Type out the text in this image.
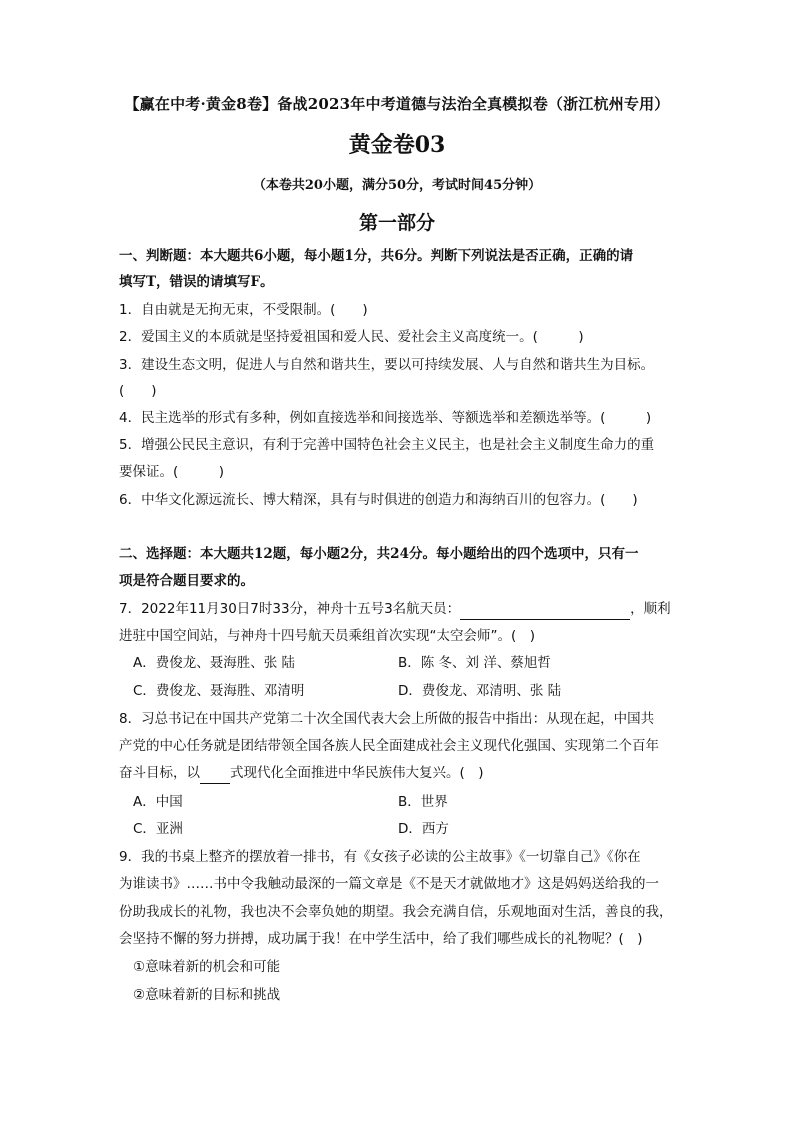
【赢在中考·黄金8卷】备战2023年中考道德与法治全真模拟卷（浙江杭州专用）
黄金卷03
（本卷共20小题，满分50分，考试时间45分钟）
第一部分
一、判断题：本大题共6小题，每小题1分，共6分。判断下列说法是否正确，正确的请
填写T，错误的请填写F。
1．自由就是无拘无束，不受限制。(　　)
2．爱国主义的本质就是坚持爱祖国和爱人民、爱社会主义高度统一。(　　　)
3．建设生态文明，促进人与自然和谐共生，要以可持续发展、人与自然和谐共生为目标。
(　　)
4．民主选举的形式有多种，例如直接选举和间接选举、等额选举和差额选举等。(　　　)
5．增强公民民主意识，有利于完善中国特色社会主义民主，也是社会主义制度生命力的重
要保证。(　　　)
6．中华文化源远流长、博大精深，具有与时俱进的创造力和海纳百川的包容力。(　　)
二、选择题：本大题共12题，每小题2分，共24分。每小题给出的四个选项中，只有一
项是符合题目要求的。
7．2022年11月30日7时33分，神舟十五号3名航天员：	，顺利
进驻中国空间站，与神舟十四号航天员乘组首次实现“太空会师”。(　)
A．费俊龙、聂海胜、张 陆	B．陈 冬、刘 洋、蔡旭哲
C．费俊龙、聂海胜、邓清明	D．费俊龙、邓清明、张 陆
8．习总书记在中国共产党第二十次全国代表大会上所做的报告中指出：从现在起，中国共
产党的中心任务就是团结带领全国各族人民全面建成社会主义现代化强国、实现第二个百年
奋斗目标，以 式现代化全面推进中华民族伟大复兴。(　)
A．中国	B．世界
C．亚洲	D．西方
9．我的书桌上整齐的摆放着一排书，有《女孩子必读的公主故事》《一切靠自己》《你在
为谁读书》……书中令我触动最深的一篇文章是《不是天才就做地才》这是妈妈送给我的一
份助我成长的礼物，我也决不会辜负她的期望。我会充满自信，乐观地面对生活，善良的我，
会坚持不懈的努力拼搏，成功属于我！在中学生活中，给了我们哪些成长的礼物呢？(　)
①意味着新的机会和可能
②意味着新的目标和挑战
